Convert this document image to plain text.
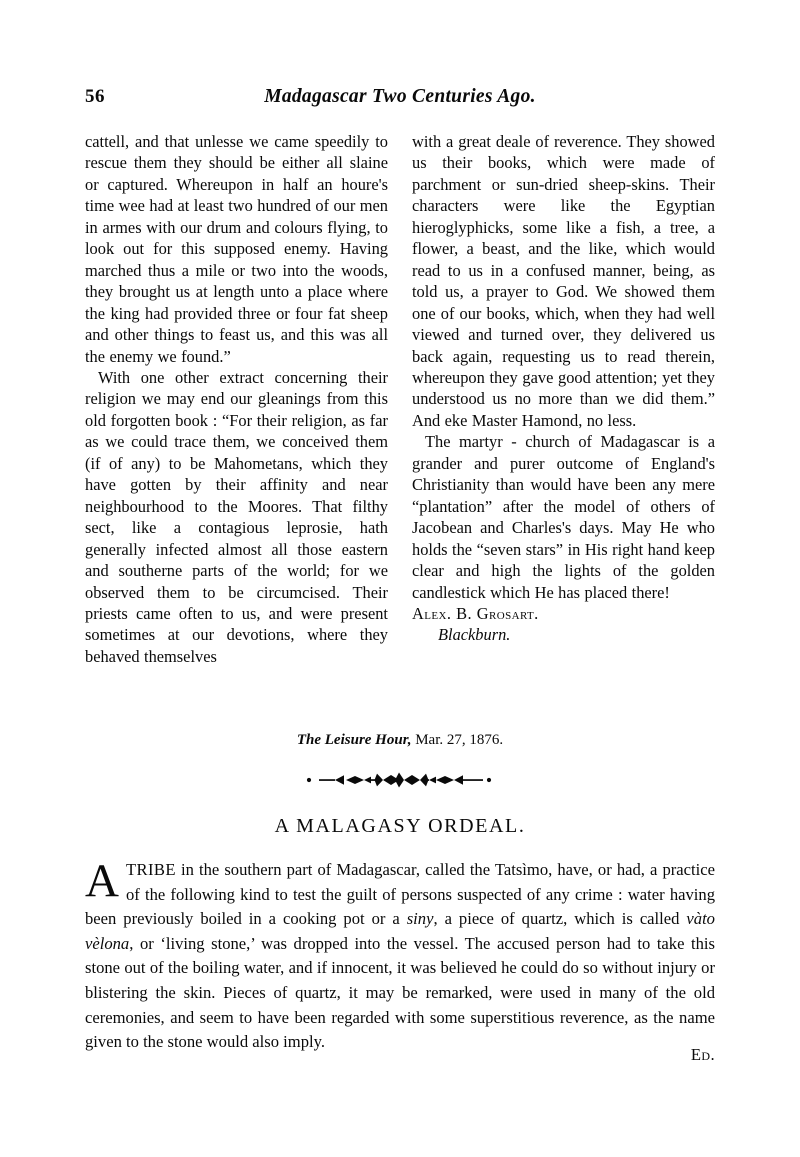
56	Madagascar Two Centuries Ago.

cattell, and that unlesse we came speedily to rescue them they should be either all slaine or captured. Whereupon in half an houre's time wee had at least two hundred of our men in armes with our drum and colours flying, to look out for this supposed enemy. Having marched thus a mile or two into the woods, they brought us at length unto a place where the king had provided three or four fat sheep and other things to feast us, and this was all the enemy we found.”

With one other extract concerning their religion we may end our gleanings from this old forgotten book : “For their religion, as far as we could trace them, we conceived them (if of any) to be Mahometans, which they have gotten by their affinity and near neighbourhood to the Moores. That filthy sect, like a contagious leprosie, hath generally infected almost all those eastern and southerne parts of the world; for we observed them to be circumcised. Their priests came often to us, and were present sometimes at our devotions, where they behaved themselves

with a great deale of reverence. They showed us their books, which were made of parchment or sun-dried sheep-skins. Their characters were like the Egyptian hieroglyphicks, some like a fish, a tree, a flower, a beast, and the like, which would read to us in a confused manner, being, as told us, a prayer to God. We showed them one of our books, which, when they had well viewed and turned over, they delivered us back again, requesting us to read therein, whereupon they gave good attention; yet they understood us no more than we did them.” And eke Master Hamond, no less.

The martyr - church of Madagascar is a grander and purer outcome of England's Christianity than would have been any mere “plantation” after the model of others of Jacobean and Charles's days. May He who holds the “seven stars” in His right hand keep clear and high the lights of the golden candlestick which He has placed there!

Alex. B. Grosart.

Blackburn.

The Leisure Hour, Mar. 27, 1876.
A MALAGASY ORDEAL.

ATRIBE in the southern part of Madagascar, called the Tatsìmo, have, or had, a practice of the following kind to test the guilt of persons suspected of any crime : water having been previously boiled in a cooking pot or a siny, a piece of quartz, which is called vàto vèlona, or ‘living stone,’ was dropped into the vessel. The accused person had to take this stone out of the boiling water, and if innocent, it was believed he could do so without injury or blistering the skin. Pieces of quartz, it may be remarked, were used in many of the old ceremonies, and seem to have been regarded with some superstitious reverence, as the name given to the stone would also imply.

Ed.
